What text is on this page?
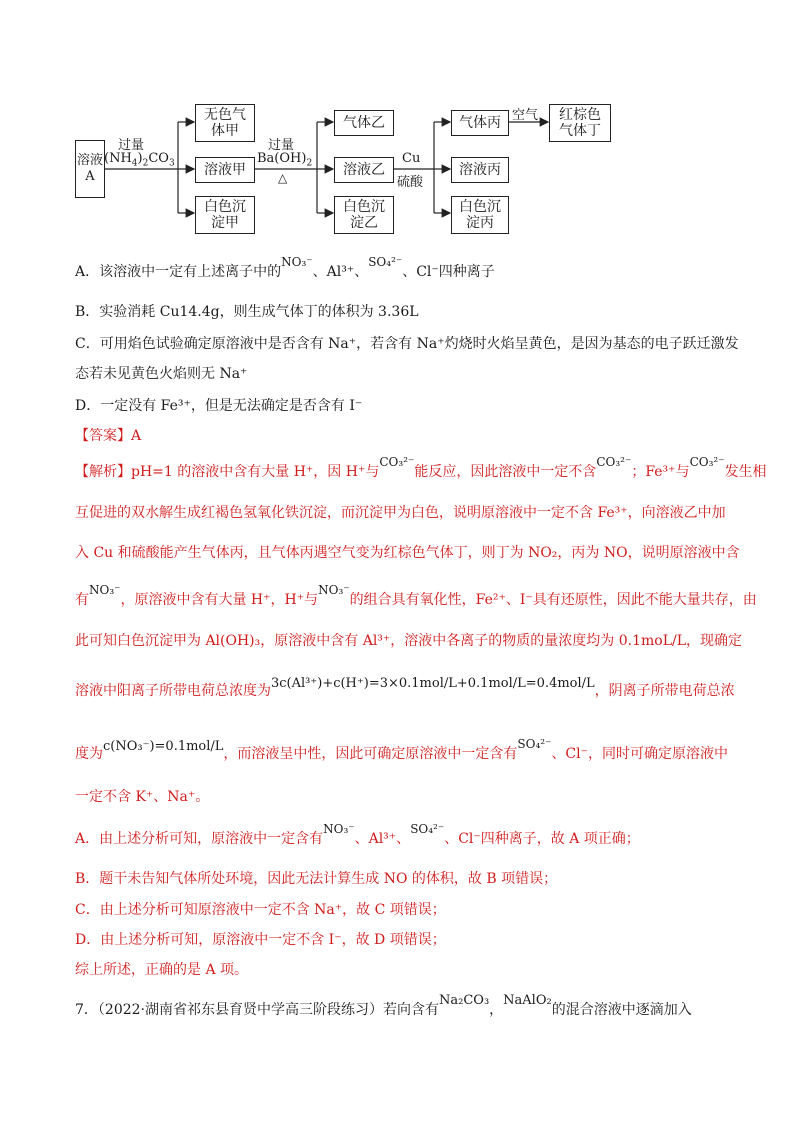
溶液A
过量
$(NH_4)_2CO_3$
无色气体甲
溶液甲
白色沉淀甲
过量
$Ba(OH)_2$
△
气体乙
溶液乙
白色沉淀乙
Cu
硫酸
气体丙
溶液丙
白色沉淀丙
空气 红棕色气体丁
A．该溶液中一定有上述离子中的NO₃⁻、Al³⁺、SO₄²⁻、Cl⁻四种离子
B．实验消耗 Cu14.4g，则生成气体丁的体积为 3.36L
C．可用焰色试验确定原溶液中是否含有 Na⁺，若含有 Na⁺灼烧时火焰呈黄色，是因为基态的电子跃迁激发
态若未见黄色火焰则无 Na⁺
D．一定没有 Fe³⁺，但是无法确定是否含有 I⁻
【答案】A
【解析】pH=1 的溶液中含有大量 H⁺，因 H⁺与CO₃²⁻能反应，因此溶液中一定不含CO₃²⁻；Fe³⁺与CO₃²⁻发生相
互促进的双水解生成红褐色氢氧化铁沉淀，而沉淀甲为白色，说明原溶液中一定不含 Fe³⁺，向溶液乙中加
入 Cu 和硫酸能产生气体丙，且气体丙遇空气变为红棕色气体丁，则丁为 NO₂，丙为 NO，说明原溶液中含
有NO₃⁻，原溶液中含有大量 H⁺，H⁺与NO₃⁻的组合具有氧化性，Fe²⁺、I⁻具有还原性，因此不能大量共存，由
此可知白色沉淀甲为 Al(OH)₃，原溶液中含有 Al³⁺，溶液中各离子的物质的量浓度均为 0.1moL/L，现确定
溶液中阳离子所带电荷总浓度为3c(Al³⁺)+c(H⁺)=3×0.1mol/L+0.1mol/L=0.4mol/L，阴离子所带电荷总浓
度为c(NO₃⁻)=0.1mol/L，而溶液呈中性，因此可确定原溶液中一定含有SO₄²⁻、Cl⁻，同时可确定原溶液中
一定不含 K⁺、Na⁺。
A．由上述分析可知，原溶液中一定含有NO₃⁻、Al³⁺、SO₄²⁻、Cl⁻四种离子，故 A 项正确；
B．题干未告知气体所处环境，因此无法计算生成 NO 的体积，故 B 项错误；
C．由上述分析可知原溶液中一定不含 Na⁺，故 C 项错误；
D．由上述分析可知，原溶液中一定不含 I⁻，故 D 项错误；
综上所述，正确的是 A 项。
7．（2022·湖南省祁东县育贤中学高三阶段练习）若向含有Na₂CO₃，NaAlO₂的混合溶液中逐滴加入
